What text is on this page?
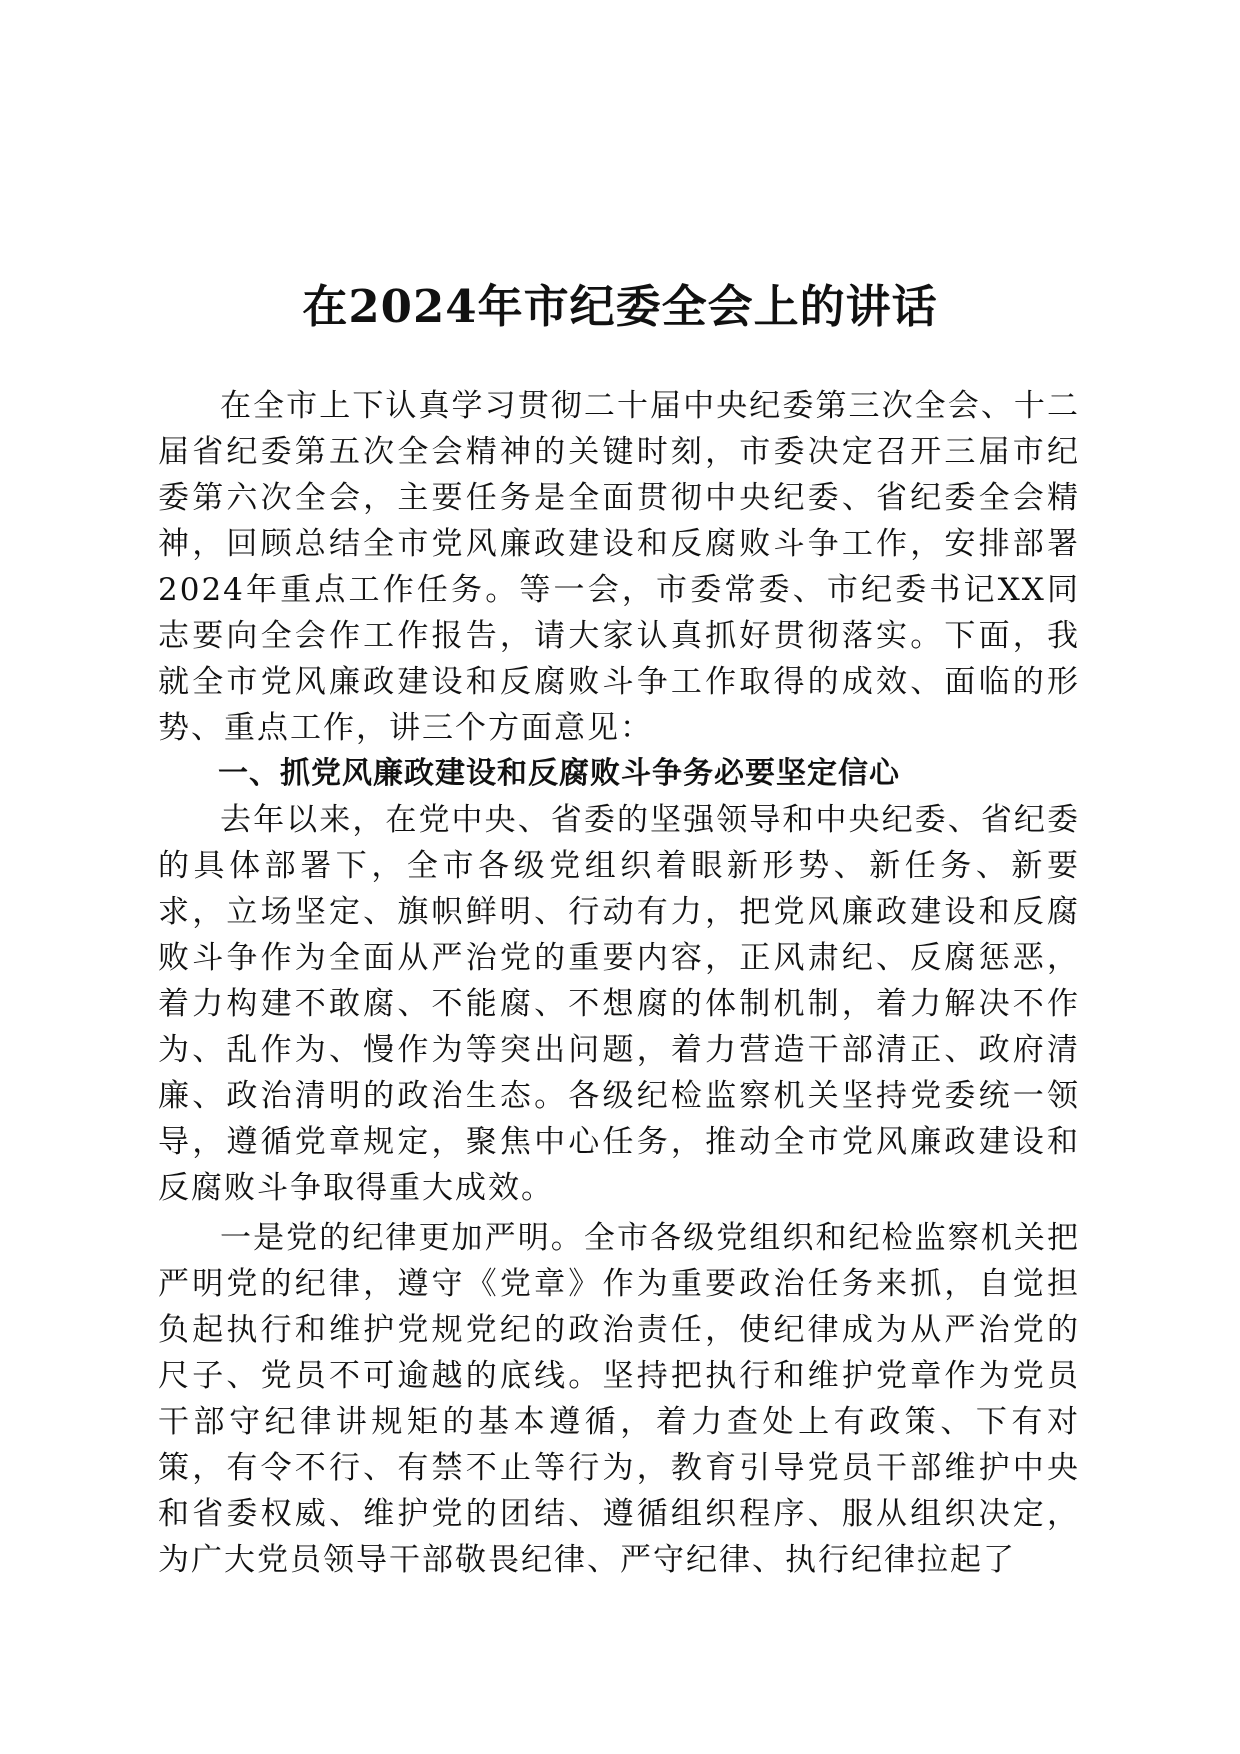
在2024年市纪委全会上的讲话

在全市上下认真学习贯彻二十届中央纪委第三次全会、十二届省纪委第五次全会精神的关键时刻，市委决定召开三届市纪委第六次全会，主要任务是全面贯彻中央纪委、省纪委全会精神，回顾总结全市党风廉政建设和反腐败斗争工作，安排部署2024年重点工作任务。等一会，市委常委、市纪委书记XX同志要向全会作工作报告，请大家认真抓好贯彻落实。下面，我就全市党风廉政建设和反腐败斗争工作取得的成效、面临的形势、重点工作，讲三个方面意见：

一、抓党风廉政建设和反腐败斗争务必要坚定信心

去年以来，在党中央、省委的坚强领导和中央纪委、省纪委的具体部署下，全市各级党组织着眼新形势、新任务、新要求，立场坚定、旗帜鲜明、行动有力，把党风廉政建设和反腐败斗争作为全面从严治党的重要内容，正风肃纪、反腐惩恶，着力构建不敢腐、不能腐、不想腐的体制机制，着力解决不作为、乱作为、慢作为等突出问题，着力营造干部清正、政府清廉、政治清明的政治生态。各级纪检监察机关坚持党委统一领导，遵循党章规定，聚焦中心任务，推动全市党风廉政建设和反腐败斗争取得重大成效。

一是党的纪律更加严明。全市各级党组织和纪检监察机关把严明党的纪律，遵守《党章》作为重要政治任务来抓，自觉担负起执行和维护党规党纪的政治责任，使纪律成为从严治党的尺子、党员不可逾越的底线。坚持把执行和维护党章作为党员干部守纪律讲规矩的基本遵循，着力查处上有政策、下有对策，有令不行、有禁不止等行为，教育引导党员干部维护中央和省委权威、维护党的团结、遵循组织程序、服从组织决定，为广大党员领导干部敬畏纪律、严守纪律、执行纪律拉起了
